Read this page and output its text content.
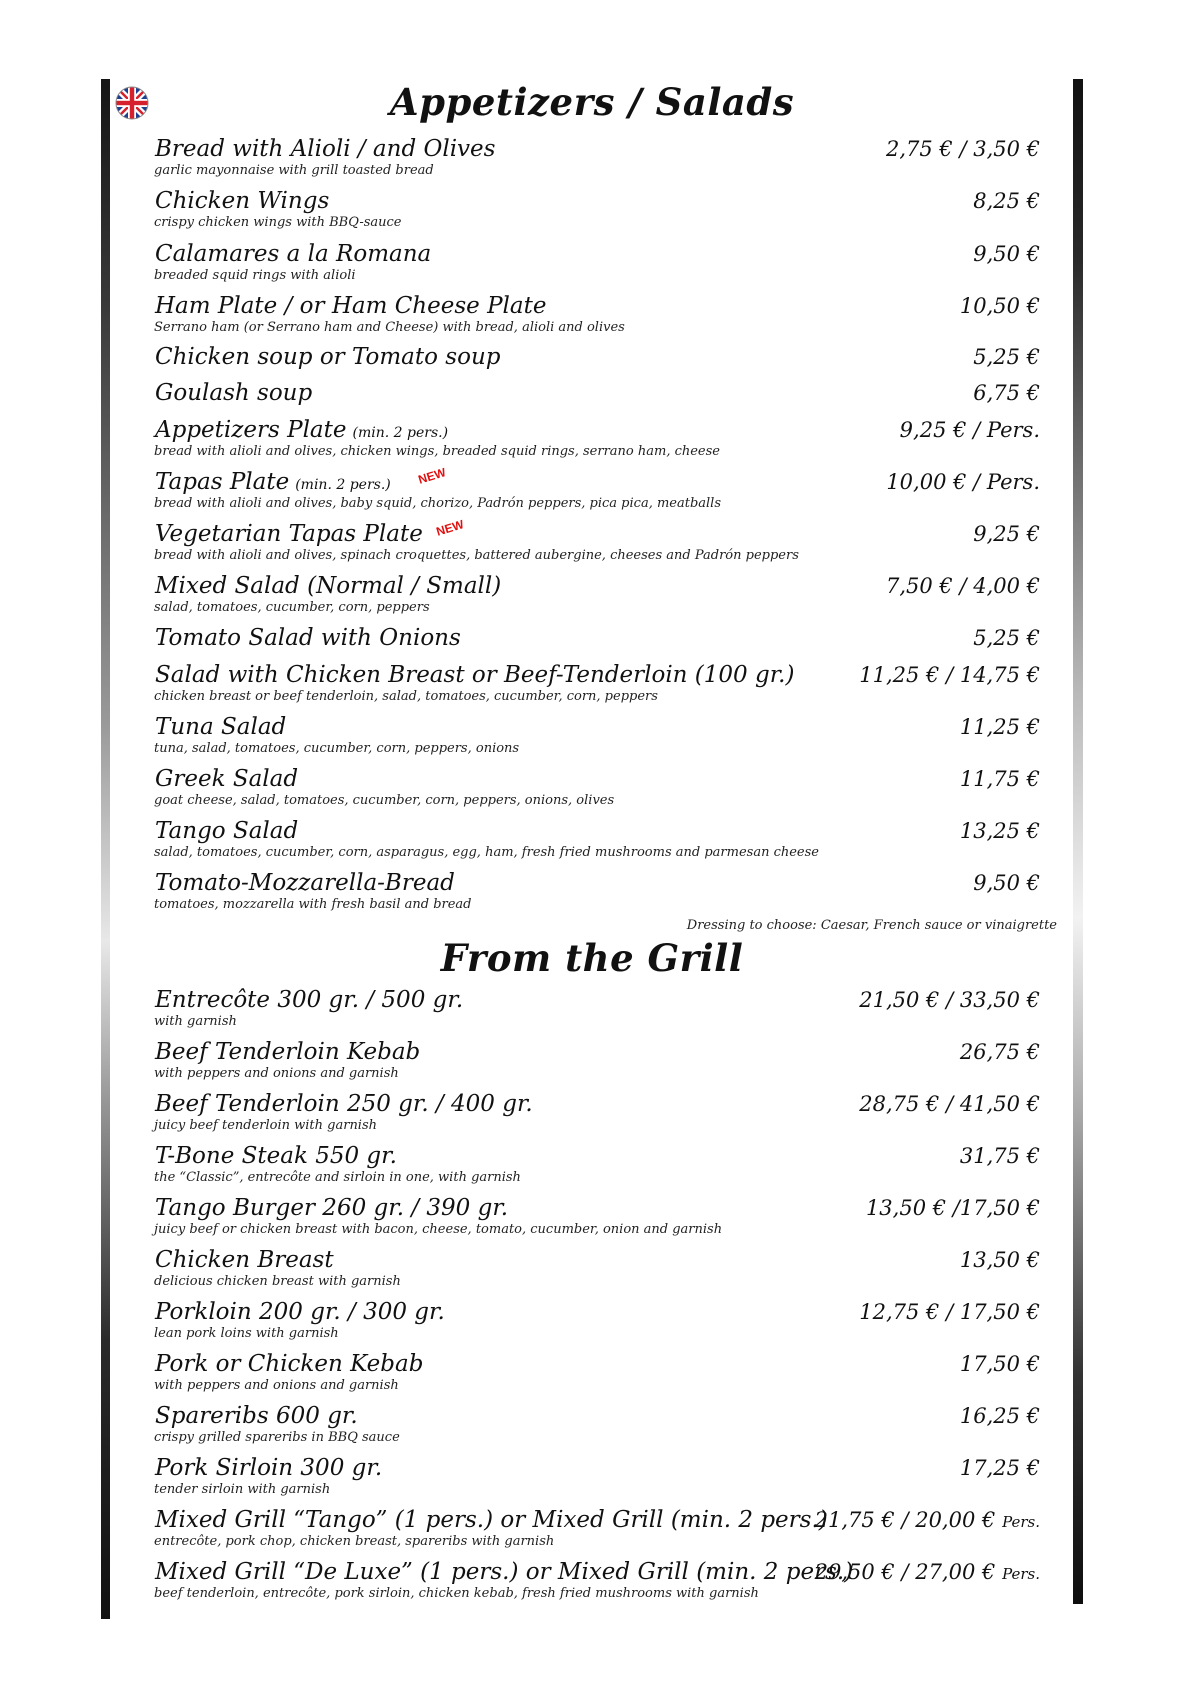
Appetizers / Salads
Bread with Alioli / and Olives
garlic mayonnaise with grill toasted bread
2,75 € / 3,50 €
Chicken Wings
crispy chicken wings with BBQ-sauce
8,25 €
Calamares a la Romana
breaded squid rings with alioli
9,50 €
Ham Plate / or Ham Cheese Plate
Serrano ham (or Serrano ham and Cheese) with bread, alioli and olives
10,50 €
Chicken soup or Tomato soup	5,25 €
Goulash soup	6,75 €
Appetizers Plate (min. 2 pers.)
bread with alioli and olives, chicken wings, breaded squid rings, serrano ham, cheese
9,25 € / Pers.
Tapas Plate (min. 2 pers.) NEW
bread with alioli and olives, baby squid, chorizo, Padrón peppers, pica pica, meatballs
10,00 € / Pers.
Vegetarian Tapas Plate NEW
bread with alioli and olives, spinach croquettes, battered aubergine, cheeses and Padrón peppers
9,25 €
Mixed Salad (Normal / Small)
salad, tomatoes, cucumber, corn, peppers
7,50 € / 4,00 €
Tomato Salad with Onions	5,25 €
Salad with Chicken Breast or Beef-Tenderloin (100 gr.)
chicken breast or beef tenderloin, salad, tomatoes, cucumber, corn, peppers
11,25 € / 14,75 €
Tuna Salad
tuna, salad, tomatoes, cucumber, corn, peppers, onions
11,25 €
Greek Salad
goat cheese, salad, tomatoes, cucumber, corn, peppers, onions, olives
11,75 €
Tango Salad
salad, tomatoes, cucumber, corn, asparagus, egg, ham, fresh fried mushrooms and parmesan cheese
13,25 €
Tomato-Mozzarella-Bread
tomatoes, mozzarella with fresh basil and bread
9,50 €
Dressing to choose: Caesar, French sauce or vinaigrette
From the Grill
Entrecôte 300 gr. / 500 gr.
with garnish
21,50 € / 33,50 €
Beef Tenderloin Kebab
with peppers and onions and garnish
26,75 €
Beef Tenderloin 250 gr. / 400 gr.
juicy beef tenderloin with garnish
28,75 € / 41,50 €
T-Bone Steak 550 gr.
the “Classic”, entrecôte and sirloin in one, with garnish
31,75 €
Tango Burger 260 gr. / 390 gr.
juicy beef or chicken breast with bacon, cheese, tomato, cucumber, onion and garnish
13,50 € /17,50 €
Chicken Breast
delicious chicken breast with garnish
13,50 €
Porkloin 200 gr. / 300 gr.
lean pork loins with garnish
12,75 € / 17,50 €
Pork or Chicken Kebab
with peppers and onions and garnish
17,50 €
Spareribs 600 gr.
crispy grilled spareribs in BBQ sauce
16,25 €
Pork Sirloin 300 gr.
tender sirloin with garnish
17,25 €
Mixed Grill “Tango” (1 pers.) or Mixed Grill (min. 2 pers.)
entrecôte, pork chop, chicken breast, spareribs with garnish
21,75 € / 20,00 € Pers.
Mixed Grill “De Luxe” (1 pers.) or Mixed Grill (min. 2 pers.)
beef tenderloin, entrecôte, pork sirloin, chicken kebab, fresh fried mushrooms with garnish
29,50 € / 27,00 € Pers.
